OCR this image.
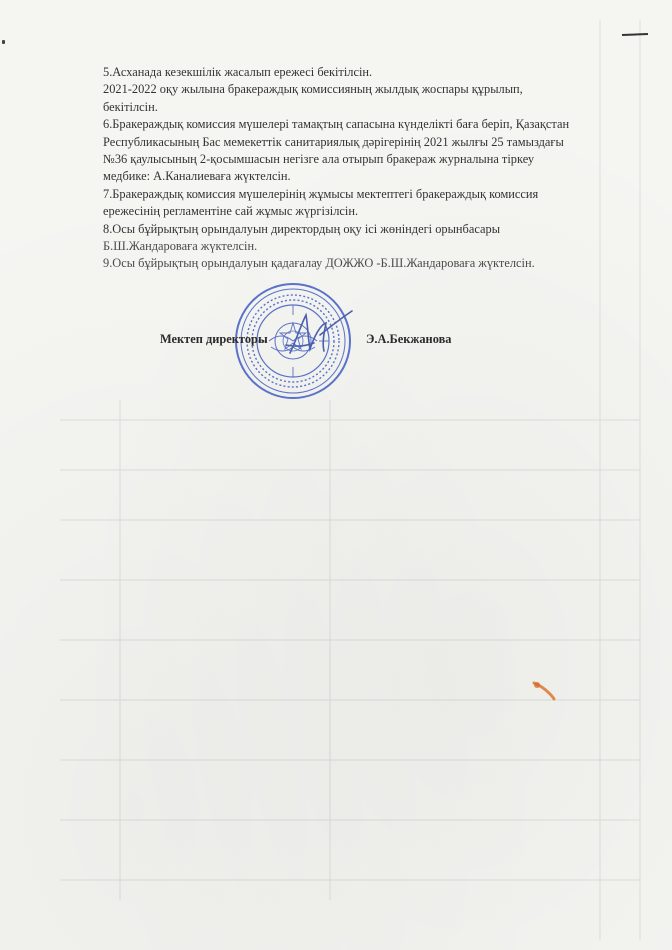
5.Асханада кезекшілік жасалып ережесі бекітілсін.

2021-2022 оқу жылына бракераждық комиссияның жылдық жоспары құрылып,

бекітілсін.

6.Бракераждық комиссия мүшелері тамақтың сапасына күнделікті баға беріп, Қазақстан

Республикасының Бас мемекеттік санитариялық дәрігерінің 2021 жылғы 25 тамыздағы

№36 қаулысының 2-қосымшасын негізге ала отырып бракераж журналына тіркеу

медбике: А.Каналиеваға жүктелсін.

7.Бракераждық комиссия мүшелерінің жұмысы мектептегі бракераждық комиссия

ережесінің регламентіне сай жұмыс жүргізілсін.

8.Осы бұйрықтың орындалуын директордың оқу ісі жөніндегі орынбасары

Б.Ш.Жандароваға жүктелсін.

9.Осы бұйрықтың орындалуын қадағалау ДОЖЖО -Б.Ш.Жандароваға жүктелсін.

Мектеп директоры	Э.А.Бекжанова
